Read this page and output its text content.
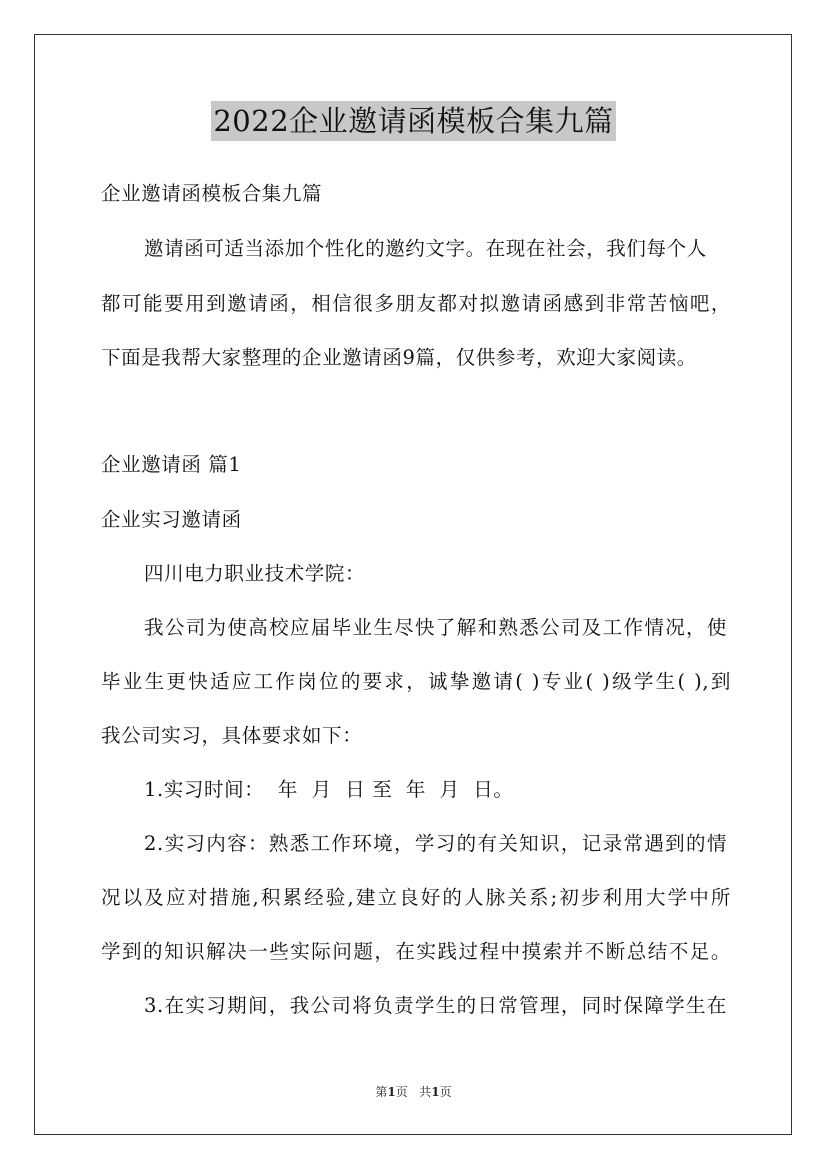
2022企业邀请函模板合集九篇
企业邀请函模板合集九篇
邀请函可适当添加个性化的邀约文字。在现在社会，我们每个人
都可能要用到邀请函，相信很多朋友都对拟邀请函感到非常苦恼吧，
下面是我帮大家整理的企业邀请函9篇，仅供参考，欢迎大家阅读。
企业邀请函 篇1
企业实习邀请函
四川电力职业技术学院：
我公司为使高校应届毕业生尽快了解和熟悉公司及工作情况，使
毕业生更快适应工作岗位的要求，诚挚邀请( )专业( )级学生( ),到
我公司实习，具体要求如下：
1.实习时间：  年  月  日 至  年  月  日。
2.实习内容：熟悉工作环境，学习的有关知识，记录常遇到的情
况以及应对措施,积累经验,建立良好的人脉关系;初步利用大学中所
学到的知识解决一些实际问题，在实践过程中摸索并不断总结不足。
3.在实习期间，我公司将负责学生的日常管理，同时保障学生在
第1页 共1页
